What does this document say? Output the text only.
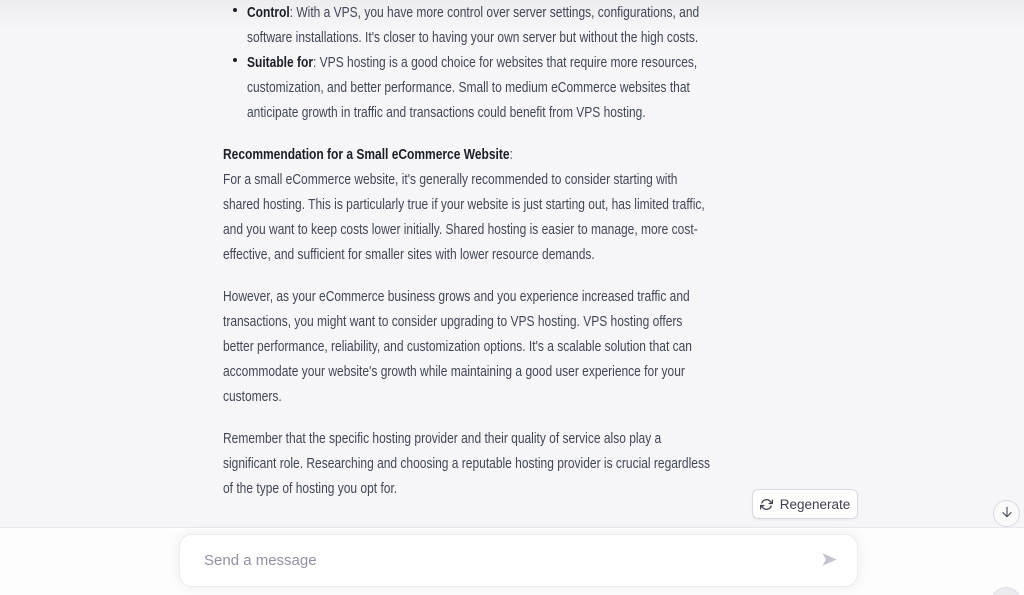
Control: With a VPS, you have more control over server settings, configurations, and
software installations. It's closer to having your own server but without the high costs.
Suitable for: VPS hosting is a good choice for websites that require more resources,
customization, and better performance. Small to medium eCommerce websites that
anticipate growth in traffic and transactions could benefit from VPS hosting.
Recommendation for a Small eCommerce Website:
For a small eCommerce website, it's generally recommended to consider starting with
shared hosting. This is particularly true if your website is just starting out, has limited traffic,
and you want to keep costs lower initially. Shared hosting is easier to manage, more cost-
effective, and sufficient for smaller sites with lower resource demands.
However, as your eCommerce business grows and you experience increased traffic and
transactions, you might want to consider upgrading to VPS hosting. VPS hosting offers
better performance, reliability, and customization options. It's a scalable solution that can
accommodate your website's growth while maintaining a good user experience for your
customers.
Remember that the specific hosting provider and their quality of service also play a
significant role. Researching and choosing a reputable hosting provider is crucial regardless
of the type of hosting you opt for.
Regenerate
Send a message
